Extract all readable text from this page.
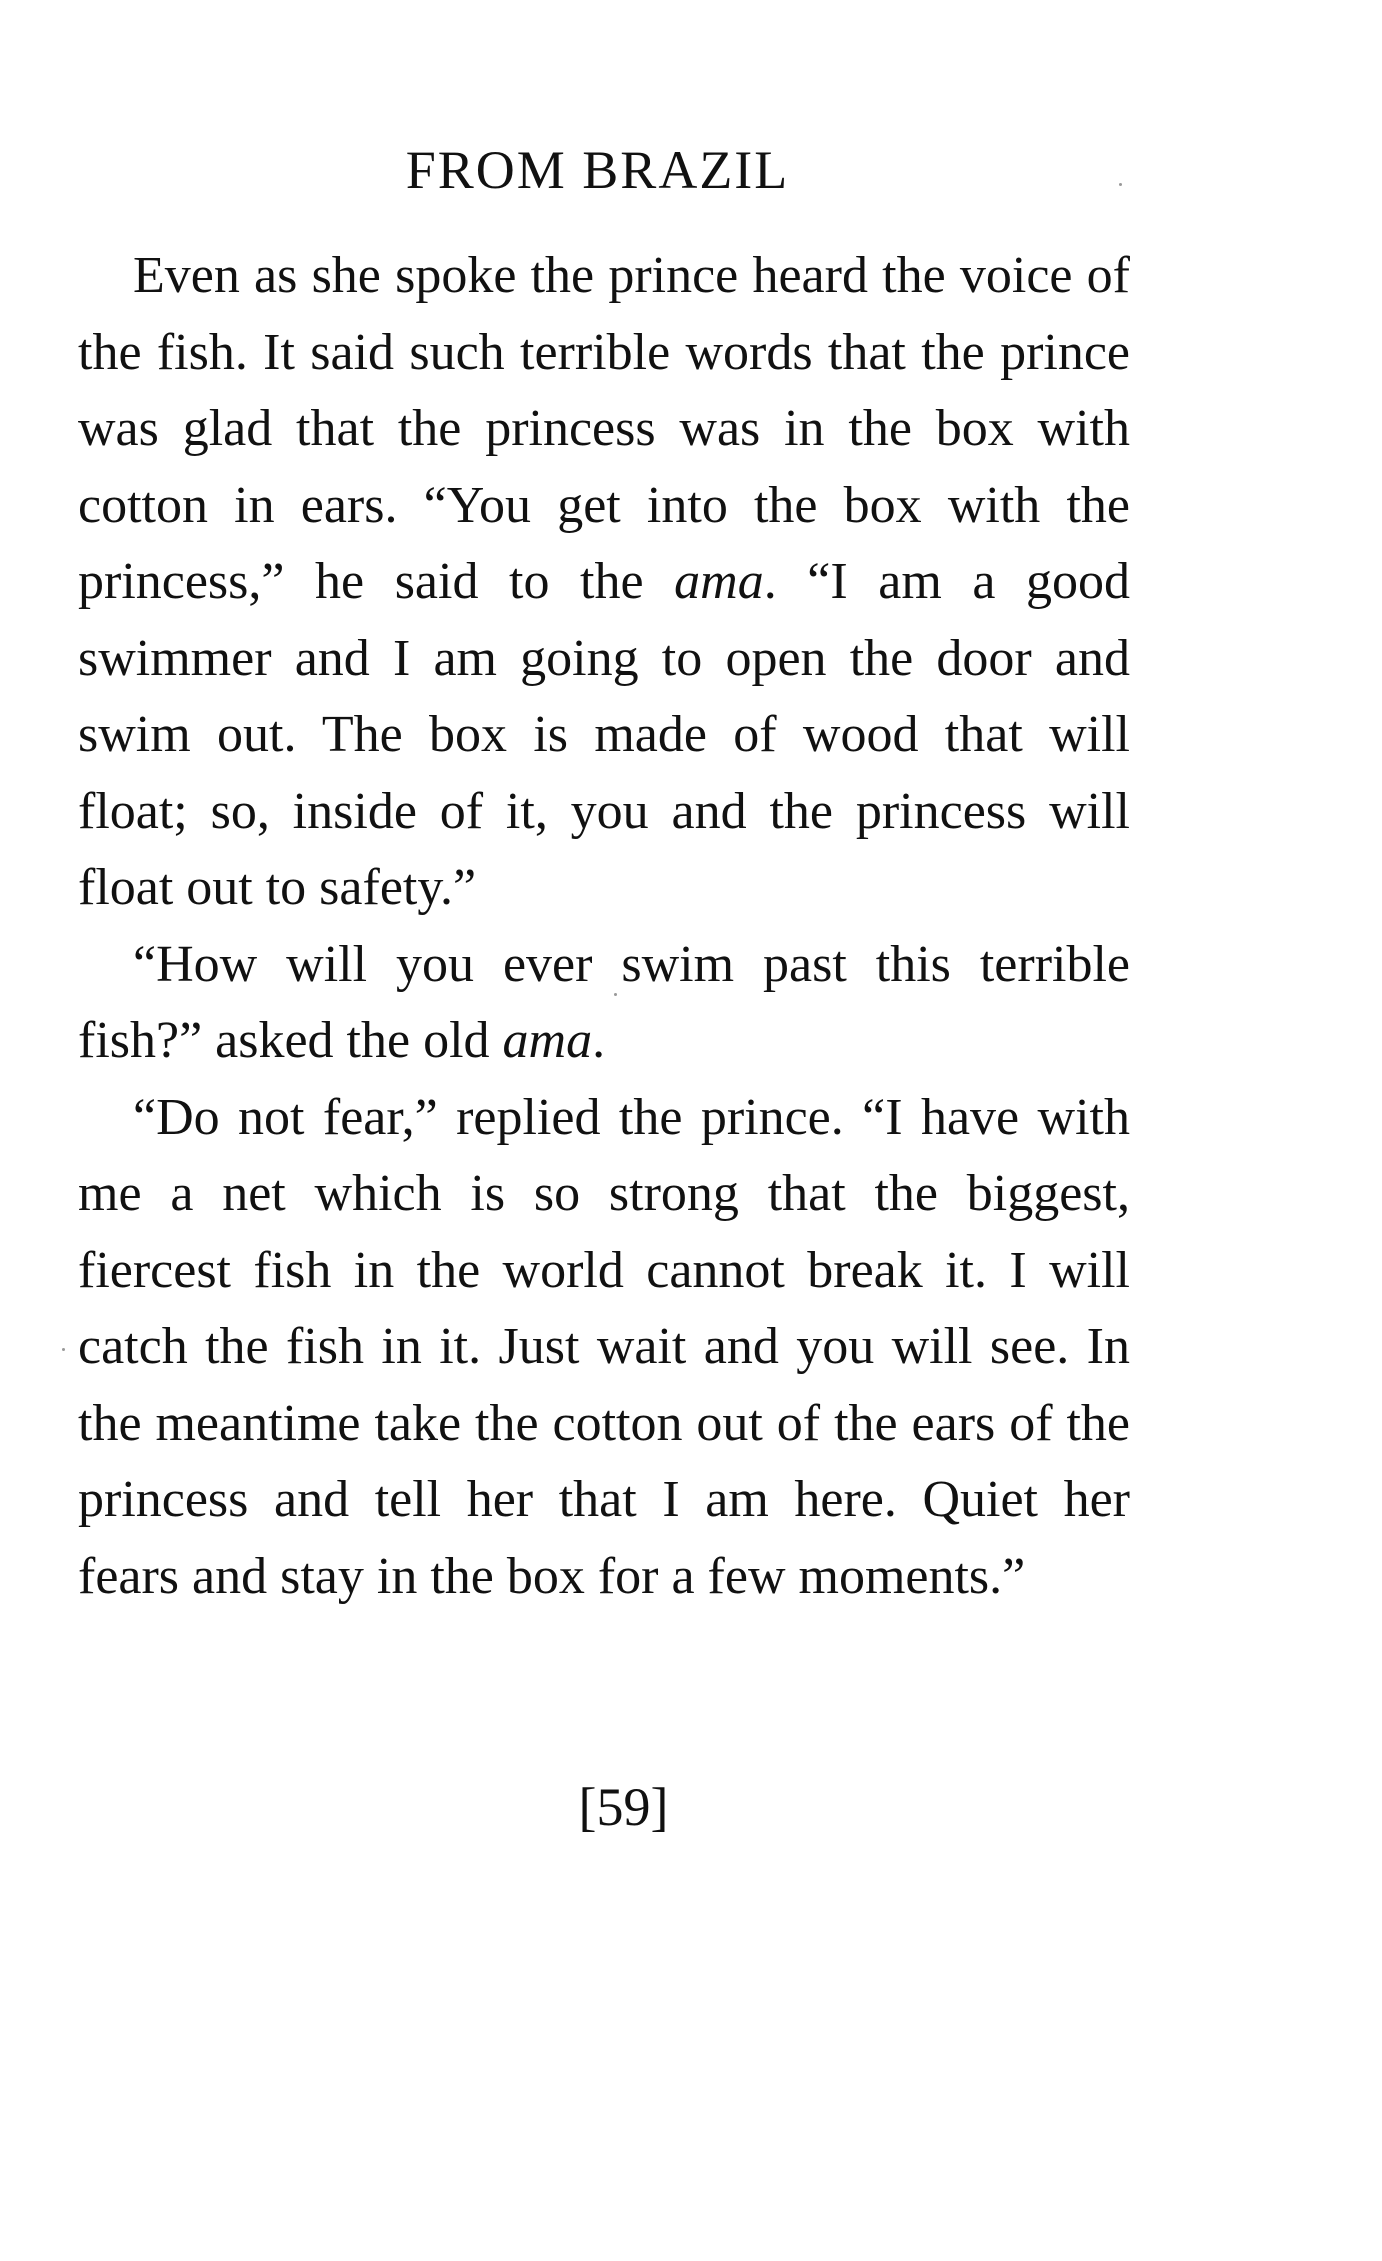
FROM BRAZIL

Even as she spoke the prince heard the voice of the fish. It said such terrible words that the prince was glad that the princess was in the box with cotton in ears. “You get into the box with the princess,” he said to the ama. “I am a good swimmer and I am going to open the door and swim out. The box is made of wood that will float; so, inside of it, you and the princess will float out to safety.”

“How will you ever swim past this terrible fish?” asked the old ama.

“Do not fear,” replied the prince. “I have with me a net which is so strong that the biggest, fiercest fish in the world cannot break it. I will catch the fish in it. Just wait and you will see. In the meantime take the cotton out of the ears of the princess and tell her that I am here. Quiet her fears and stay in the box for a few moments.”

[59]
